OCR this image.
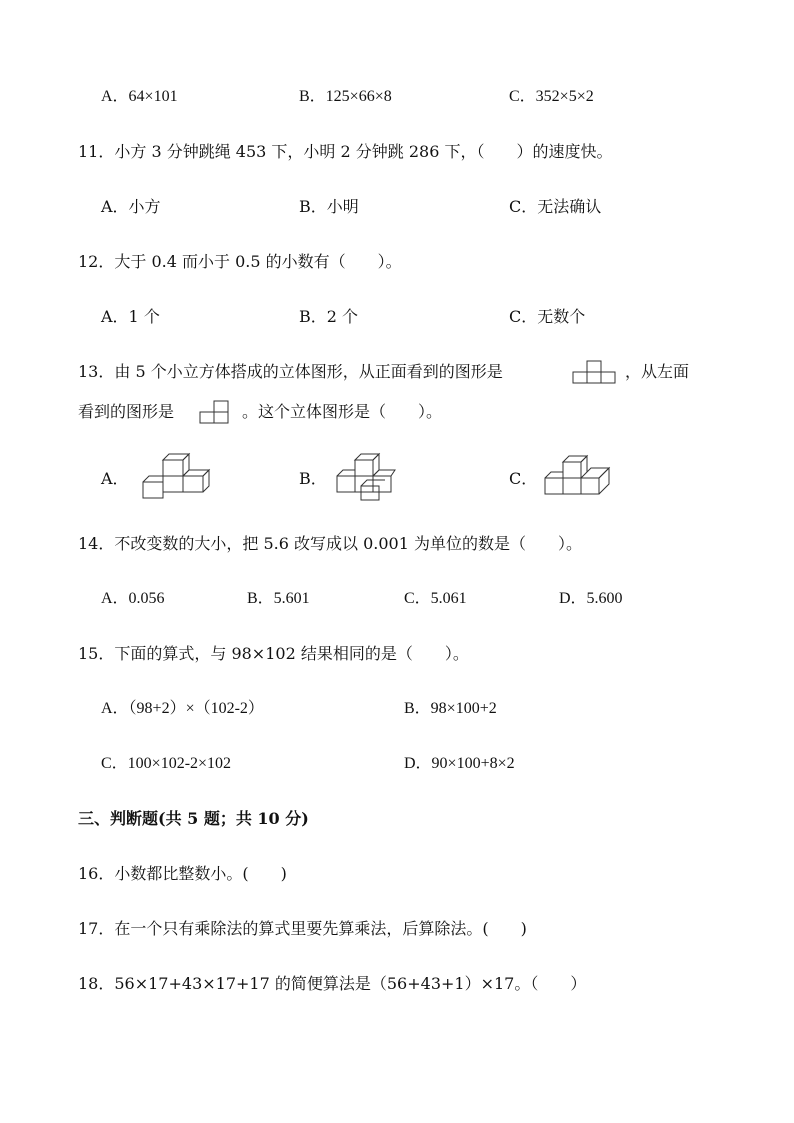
A．64×101	B．125×66×8	C．352×5×2
11．小方 3 分钟跳绳 453 下，小明 2 分钟跳 286 下，（　　）的速度快。
A．小方	B．小明	C．无法确认
12．大于 0.4 而小于 0.5 的小数有（　　）。
A．1 个	B．2 个	C．无数个
13．由 5 个小立方体搭成的立体图形，从正面看到的图形是	，从左面
看到的图形是	。这个立体图形是（　　）。
A．	B．	C．
14．不改变数的大小，把 5.6 改写成以 0.001 为单位的数是（　　）。
A．0.056	B．5.601	C．5.061	D．5.600
15．下面的算式，与 98×102 结果相同的是（　　）。
A．（98+2）×（102-2）	B．98×100+2
C．100×102-2×102	D．90×100+8×2
三、判断题(共 5 题；共 10 分)
16．小数都比整数小。(　　)
17．在一个只有乘除法的算式里要先算乘法，后算除法。(　　)
18．56×17+43×17+17 的简便算法是（56+43+1）×17。（　　）
